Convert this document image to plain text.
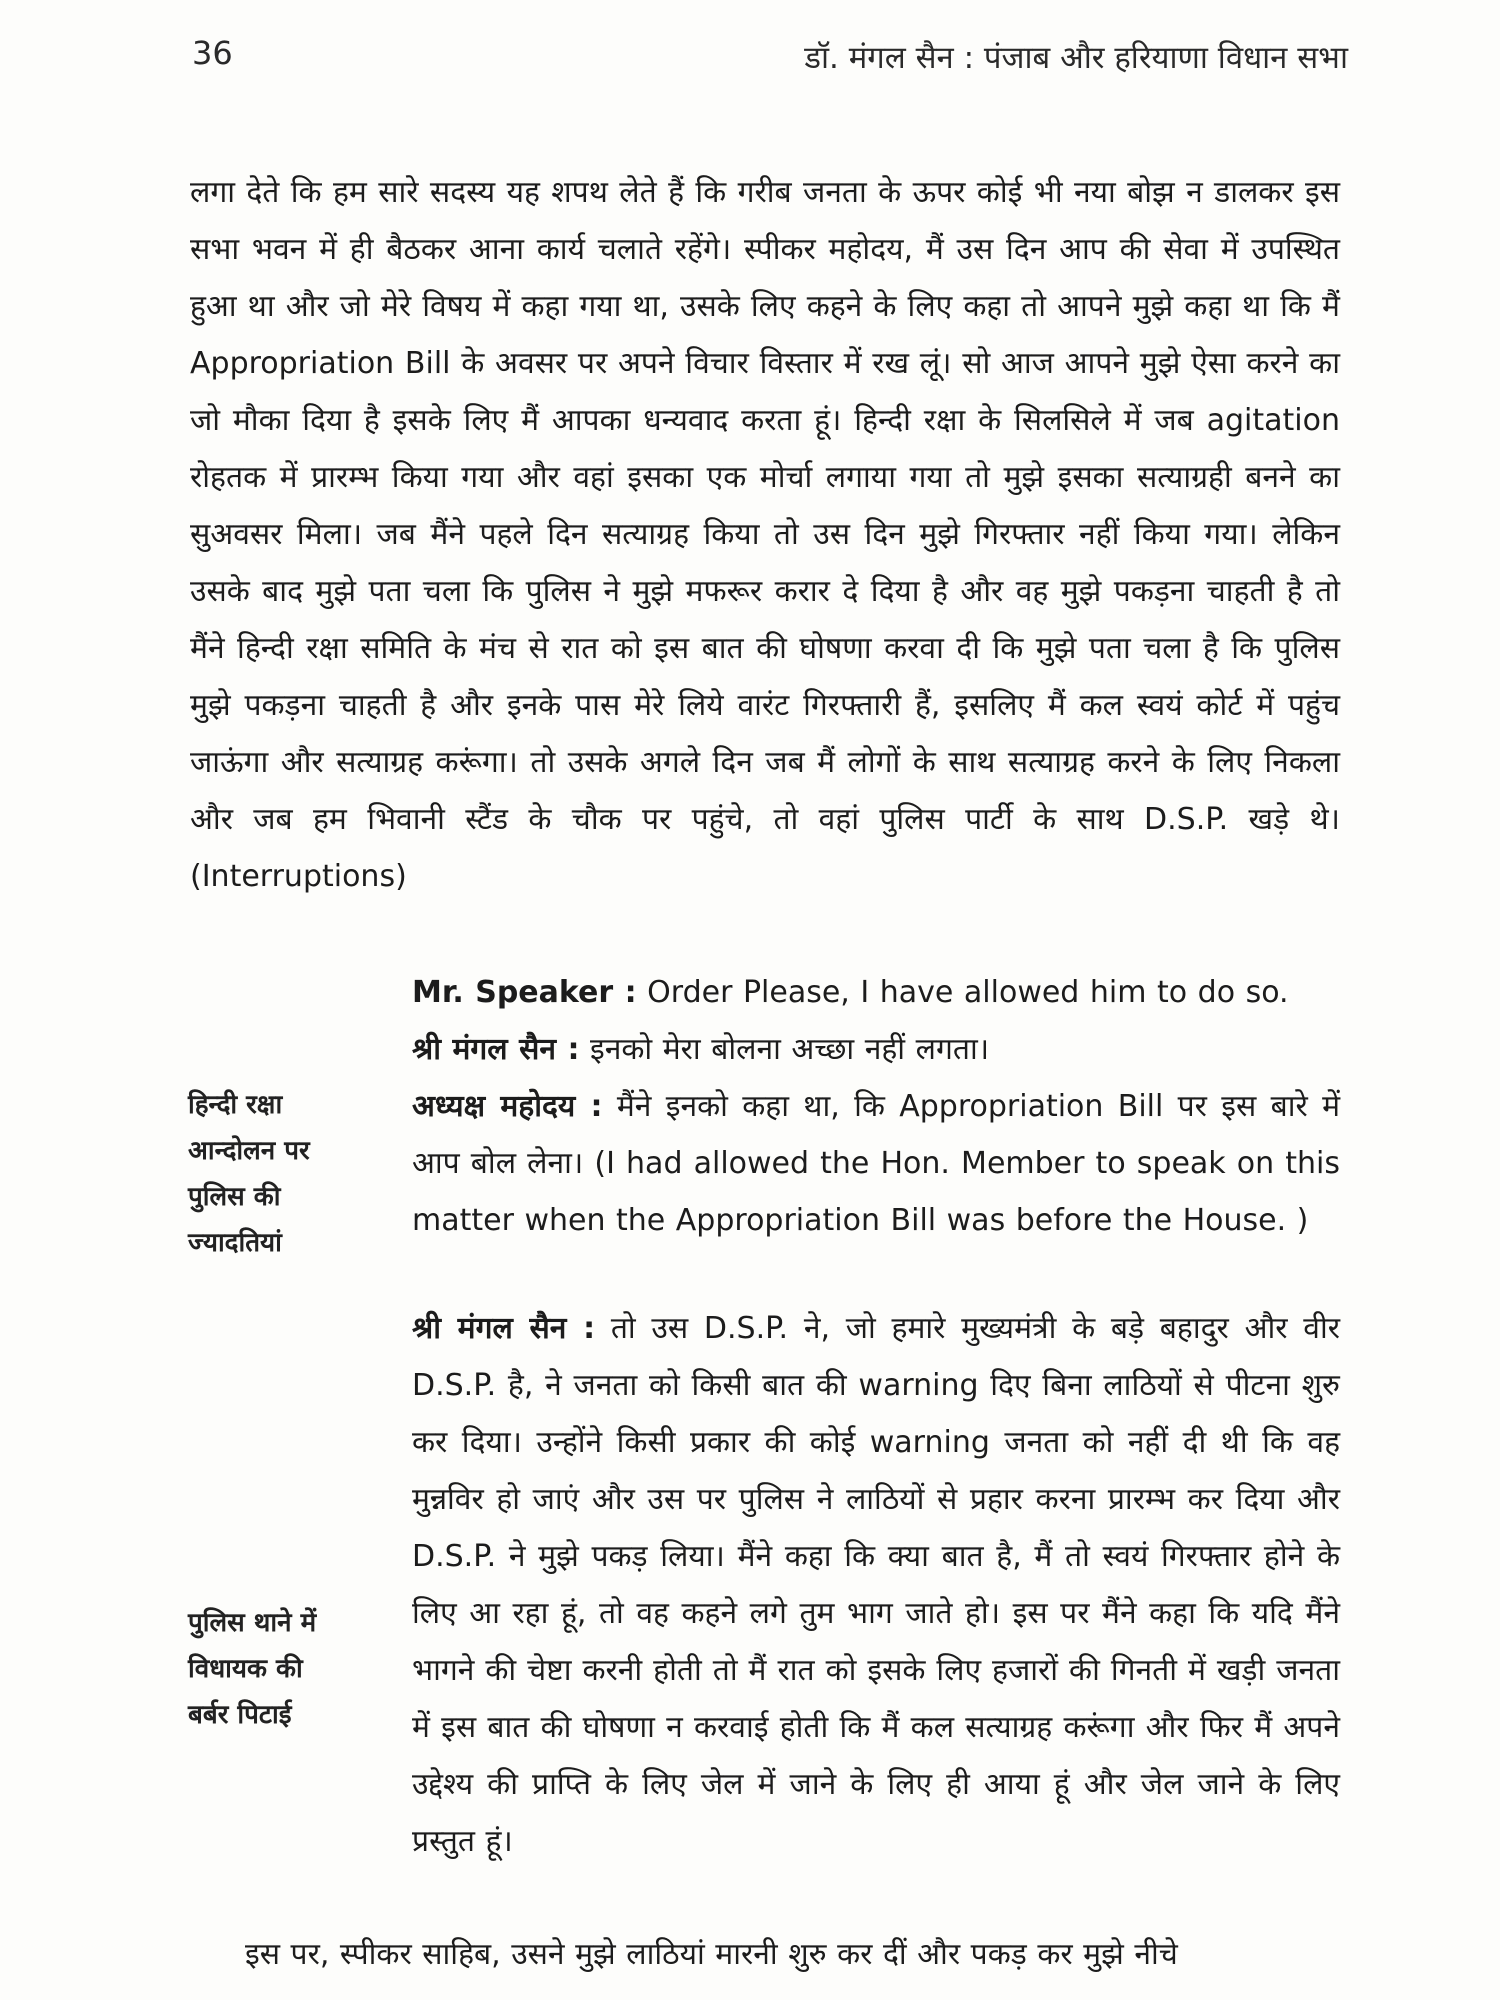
36	डॉ. मंगल सैन : पंजाब और हरियाणा विधान सभा

लगा देते कि हम सारे सदस्य यह शपथ लेते हैं कि गरीब जनता के ऊपर कोई भी नया बोझ न डालकर इस सभा भवन में ही बैठकर आना कार्य चलाते रहेंगे। स्पीकर महोदय, मैं उस दिन आप की सेवा में उपस्थित हुआ था और जो मेरे विषय में कहा गया था, उसके लिए कहने के लिए कहा तो आपने मुझे कहा था कि मैं Appropriation Bill के अवसर पर अपने विचार विस्तार में रख लूं। सो आज आपने मुझे ऐसा करने का जो मौका दिया है इसके लिए मैं आपका धन्यवाद करता हूं। हिन्दी रक्षा के सिलसिले में जब agitation रोहतक में प्रारम्भ किया गया और वहां इसका एक मोर्चा लगाया गया तो मुझे इसका सत्याग्रही बनने का सुअवसर मिला। जब मैंने पहले दिन सत्याग्रह किया तो उस दिन मुझे गिरफ्तार नहीं किया गया। लेकिन उसके बाद मुझे पता चला कि पुलिस ने मुझे मफरूर करार दे दिया है और वह मुझे पकड़ना चाहती है तो मैंने हिन्दी रक्षा समिति के मंच से रात को इस बात की घोषणा करवा दी कि मुझे पता चला है कि पुलिस मुझे पकड़ना चाहती है और इनके पास मेरे लिये वारंट गिरफ्तारी हैं, इसलिए मैं कल स्वयं कोर्ट में पहुंच जाऊंगा और सत्याग्रह करूंगा। तो उसके अगले दिन जब मैं लोगों के साथ सत्याग्रह करने के लिए निकला और जब हम भिवानी स्टैंड के चौक पर पहुंचे, तो वहां पुलिस पार्टी के साथ D.S.P. खड़े थे। (Interruptions)

Mr. Speaker : Order Please, I have allowed him to do so.

श्री मंगल सैन : इनको मेरा बोलना अच्छा नहीं लगता।

अध्यक्ष महोदय : मैंने इनको कहा था, कि Appropriation Bill पर इस बारे में आप बोल लेना। (I had allowed the Hon. Member to speak on this matter when the Appropriation Bill was before the House. )

श्री मंगल सैन : तो उस D.S.P. ने, जो हमारे मुख्यमंत्री के बड़े बहादुर और वीर D.S.P. है, ने जनता को किसी बात की warning दिए बिना लाठियों से पीटना शुरु कर दिया। उन्होंने किसी प्रकार की कोई warning जनता को नहीं दी थी कि वह मुन्नविर हो जाएं और उस पर पुलिस ने लाठियों से प्रहार करना प्रारम्भ कर दिया और D.S.P. ने मुझे पकड़ लिया। मैंने कहा कि क्या बात है, मैं तो स्वयं गिरफ्तार होने के लिए आ रहा हूं, तो वह कहने लगे तुम भाग जाते हो। इस पर मैंने कहा कि यदि मैंने भागने की चेष्टा करनी होती तो मैं रात को इसके लिए हजारों की गिनती में खड़ी जनता में इस बात की घोषणा न करवाई होती कि मैं कल सत्याग्रह करूंगा और फिर मैं अपने उद्देश्य की प्राप्ति के लिए जेल में जाने के लिए ही आया हूं और जेल जाने के लिए प्रस्तुत हूं।

इस पर, स्पीकर साहिब, उसने मुझे लाठियां मारनी शुरु कर दीं और पकड़ कर मुझे नीचे

हिन्दी रक्षा
आन्दोलन पर
पुलिस की
ज्यादतियां
पुलिस थाने में
विधायक की
बर्बर पिटाई
